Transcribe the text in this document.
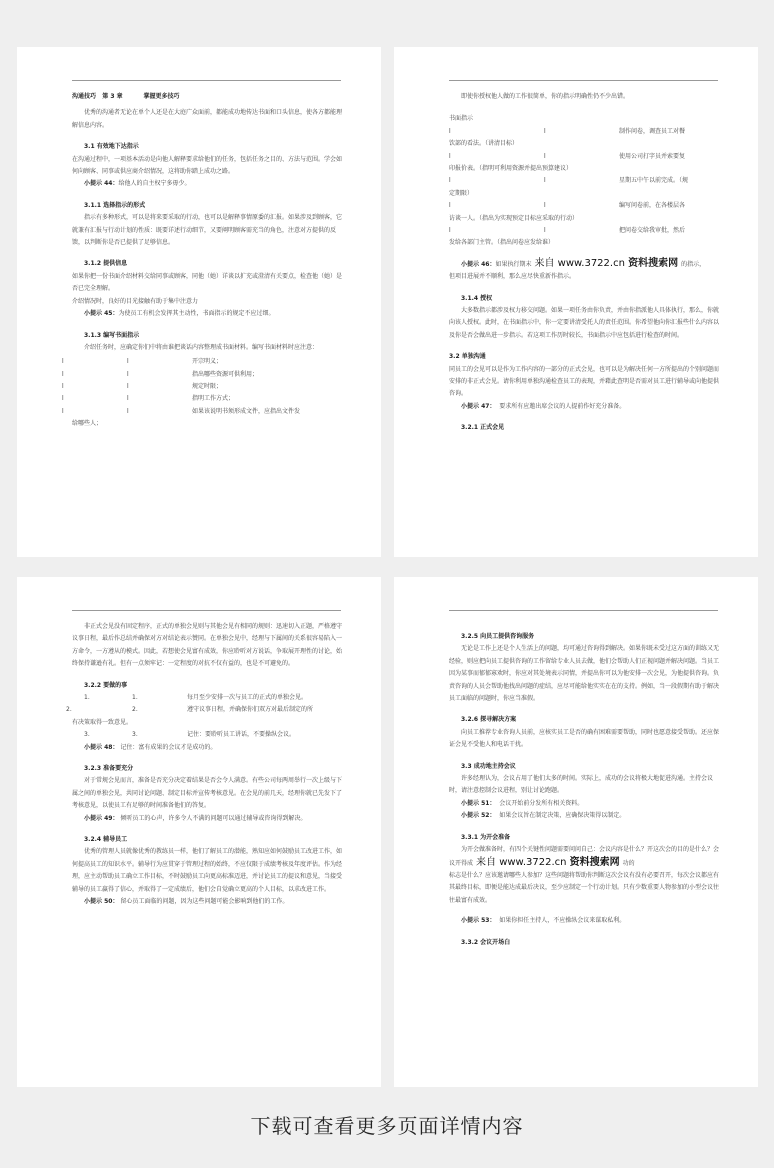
沟通技巧 第 3 章	掌握更多技巧

优秀的沟通者无论在单个人还是在大庭广众面前，都能成功地传达书面和口头信息，使各方都能理解信息内容。

3.1 有效地下达指示

在沟通过程中，一项基本活动是向他人解释要求给他们的任务，包括任务之目的、方法与范围。学会如何向顾客、同事或供应商介绍情况，这将助你踏上成功之路。

小提示 44：给他人的自主权宁多毋少。

3.1.1 选择指示的形式

指示有多种形式，可以是将来要采取的行动，也可以是解释事情原委的汇报。如果涉及到顾客，它就兼有汇报与行动计划的性质：既要详述行动细节，又要阐明顾客需充当的角色，注意对方提供的反馈，以判断你是否已提供了足够信息。

3.1.2 提供信息

如果你把一份书面介绍材料交给同事或顾客，同他（她）详谈以扩充或澄清有关要点，检查他（她）是否已完全理解。

介绍情况时，良好的目光接触有助于集中注意力

小提示 45：为使员工有机会发挥其主动性，书面指示的规定不应过细。

3.1.3 编写书面指示

介绍任务时，应确定你们中将由谁把谈话内容整理成书面材料。编写书面材料时应注意：

l	l	开宗明义；
l	l	指出哪些资源可供利用；
l	l	规定时限；
l	l	指明工作方式；
l	l	如果该说明书须形成文件，应指出文件发

给哪些人；

即使你授权他人做的工作很简单，你的指示明确性仍不少出错。

书面指示

l	l	制作问卷，调查员工对餐

饮部的看法。（讲清目标）

l	l	使用公司打字员并索要复

印报价表。（指明可利用资源并提出预算建议）

l	l	星期五中午以前完成。（规

定期限）

l	l	编写问卷前，在各楼层各

访谈一人。（指出为实现预定目标应采取的行动）

l	l	把问卷交给我审批，然后

发给各部门主管。（指出问卷应发给谁）

小提示 46：如果执行期末 来自 www.3722.cn 资料搜索网 的指示，

但项目进展并不顺利，那么应尽快重新作指示。

3.1.4 授权

大多数指示都涉及权力移交问题。如果一项任务由你负责，并由你指派他人具体执行，那么，你就向该人授权。此时，在书面指示中，你一定要讲清受托人的责任范围。你希望他向你汇报些什么内容以及你是否会做出进一步指示。若这项工作历时较长，书面指示中应包括进行检查的时间。

3.2 单独沟通

同员工的会见可以是作为工作内容的一部分的正式会见，也可以是为解决任何一方所提出的个别问题而安排的非正式会见。请你利用单独沟通检查员工的表现，并藉此查明是否需对员工进行辅导或向他提供咨询。

小提示 47： 要求所有应邀出席会议的人提前作好充分准备。

3.2.1 正式会见

非正式会见没有固定程序，正式的单独会见则与其他会见有相同的规则：迅速切入正题，严格遵守议事日程，最后作总结并确保对方对结论表示赞同。在单独会见中，经理与下属间的关系很容易陷入一方命令，一方遵从的模式。因此，若想使会见富有成效，你应聆听对方说话，争取展开理性的讨论，始终保持谦逊有礼。但有一点须牢记：一定程度的对抗不仅有益的，也是不可避免的。

3.2.2 要做的事

1.	1.	每月至少安排一次与员工的正式的单独会见。
2.	2.	遵守议事日程，并确保你们双方对最后制定的所

有决策取得一致意见。

3.	3.	记住：要聆听员工讲话，不要操纵会议。

小提示 48： 记住：富有成果的会议才是成功的。

3.2.3 准备要充分

对于常规会见而言，准备是否充分决定着结果是否会令人满意。有些公司每两周举行一次上级与下属之间的单独会见，共同讨论问题、制定目标并宣传考核意见。在会见的前几天，经理你就已先发下了考核意见，以使员工有足够的时间准备他们的答复。

小提示 49： 倾听员工的心声，许多令人不满的问题可以通过辅导或咨询得到解决。

3.2.4 辅导员工

优秀的管理人员就像优秀的教练员一样，他们了解员工的潜能，熟知应如何鼓励员工改进工作，如何提高员工的知识水平。辅导行为应贯穿于管理过程的始终，不应仅限于成绩考核及年度评估。作为经理，应主动帮助员工确立工作目标，不时鼓励员工向更高标准迈进，并讨论员工的提议和意见，当接受辅导的员工赢得了信心，并取得了一定成绩后，他们会自觉确立更高的个人目标，以求改进工作。

小提示 50： 留心员工面临的问题，因为这些问题可能会影响到他们的工作。

3.2.5 向员工提供咨询服务

无论是工作上还是个人生活上的问题，均可通过咨询得到解决。如果你既未受过这方面的训练又无经验，则应把向员工提供咨询的工作留给专业人员去做，他们会帮助人们正视问题并解决问题。当员工因为某事而郁郁寡欢时，你应对其处境表示同情，并提出你可以为他安排一次会见，为他提供咨询。负责咨询的人员会帮助他找出问题的症结，应尽可能给他实实在在的支持。例如，当一段假期有助于解决员工面临的问题时，你应当准假。

3.2.6 探寻解决方案

向员工推荐专业咨询人员前，应核实员工是否的确有困难需要帮助，同时也愿意接受帮助。还应保证会见不受他人和电话干扰。

3.3 成功地主持会议

许多经理认为，会议占用了他们太多的时间。实际上，成功的会议将极大地促进沟通。主持会议时，请注意控制会议进程，别让讨论跑题。

小提示 51： 会议开始前分发所有相关资料。

小提示 52： 如果会议旨在制定决策，应确保决策得以制定。

3.3.1 为开会准备

为开会做准备时，有四个关键性问题需要问问自己：会议内容是什么？开这次会的目的是什么？会议开得成 来自 www.3722.cn 资料搜索网 功的

标志是什么？应该邀请哪些人参加？这些问题将帮助你判断这次会议有没有必要召开，每次会议都应有其最终目标，即便是能达成最后决议，至少应制定一个行动计划。只有少数重要人物参加的小型会议往往最富有成效。

小提示 53： 如果你担任主持人，不应操纵会议来谋取私利。

3.3.2 会议开场白

下载可查看更多页面详情内容
